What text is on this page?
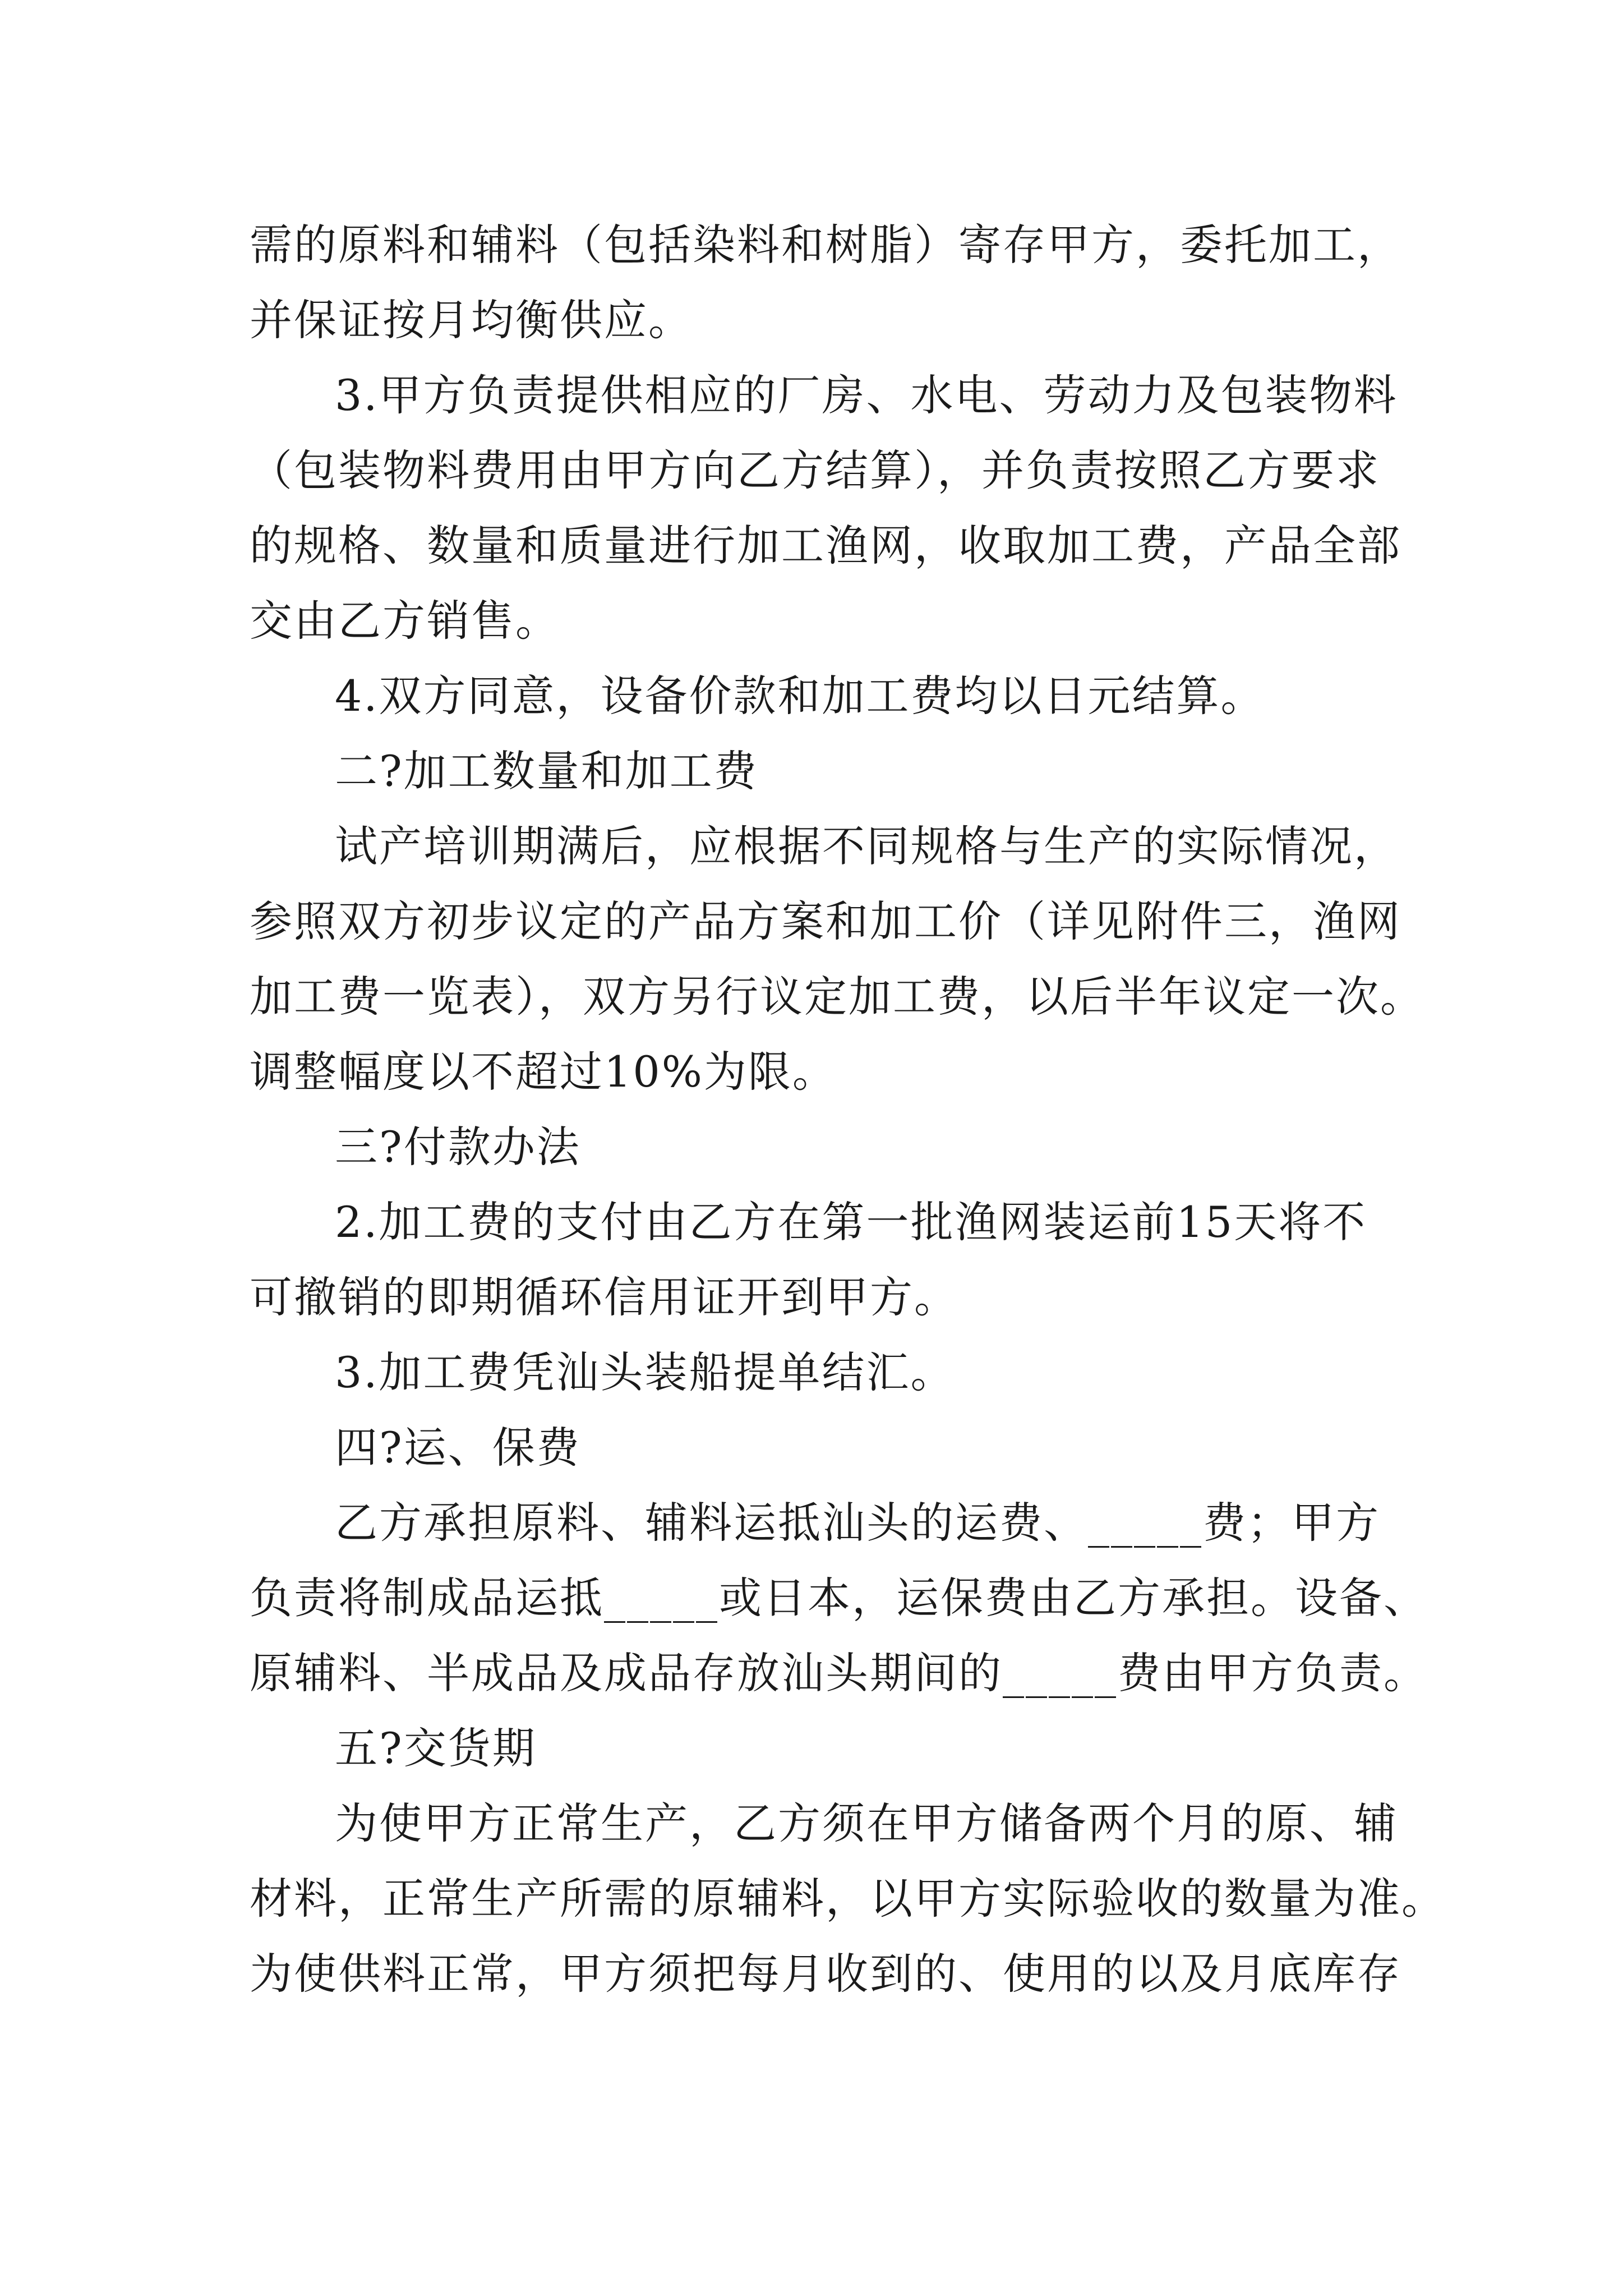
需的原料和辅料（包括染料和树脂）寄存甲方，委托加工，
并保证按月均衡供应。
3.甲方负责提供相应的厂房、水电、劳动力及包装物料
（包装物料费用由甲方向乙方结算），并负责按照乙方要求
的规格、数量和质量进行加工渔网，收取加工费，产品全部
交由乙方销售。
4.双方同意，设备价款和加工费均以日元结算。
二?加工数量和加工费
试产培训期满后，应根据不同规格与生产的实际情况，
参照双方初步议定的产品方案和加工价（详见附件三，渔网
加工费一览表），双方另行议定加工费，以后半年议定一次。
调整幅度以不超过10%为限。
三?付款办法
2.加工费的支付由乙方在第一批渔网装运前15天将不
可撤销的即期循环信用证开到甲方。
3.加工费凭汕头装船提单结汇。
四?运、保费
乙方承担原料、辅料运抵汕头的运费、_____费；甲方
负责将制成品运抵_____或日本，运保费由乙方承担。设备、
原辅料、半成品及成品存放汕头期间的_____费由甲方负责。
五?交货期
为使甲方正常生产，乙方须在甲方储备两个月的原、辅
材料，正常生产所需的原辅料，以甲方实际验收的数量为准。
为使供料正常，甲方须把每月收到的、使用的以及月底库存
